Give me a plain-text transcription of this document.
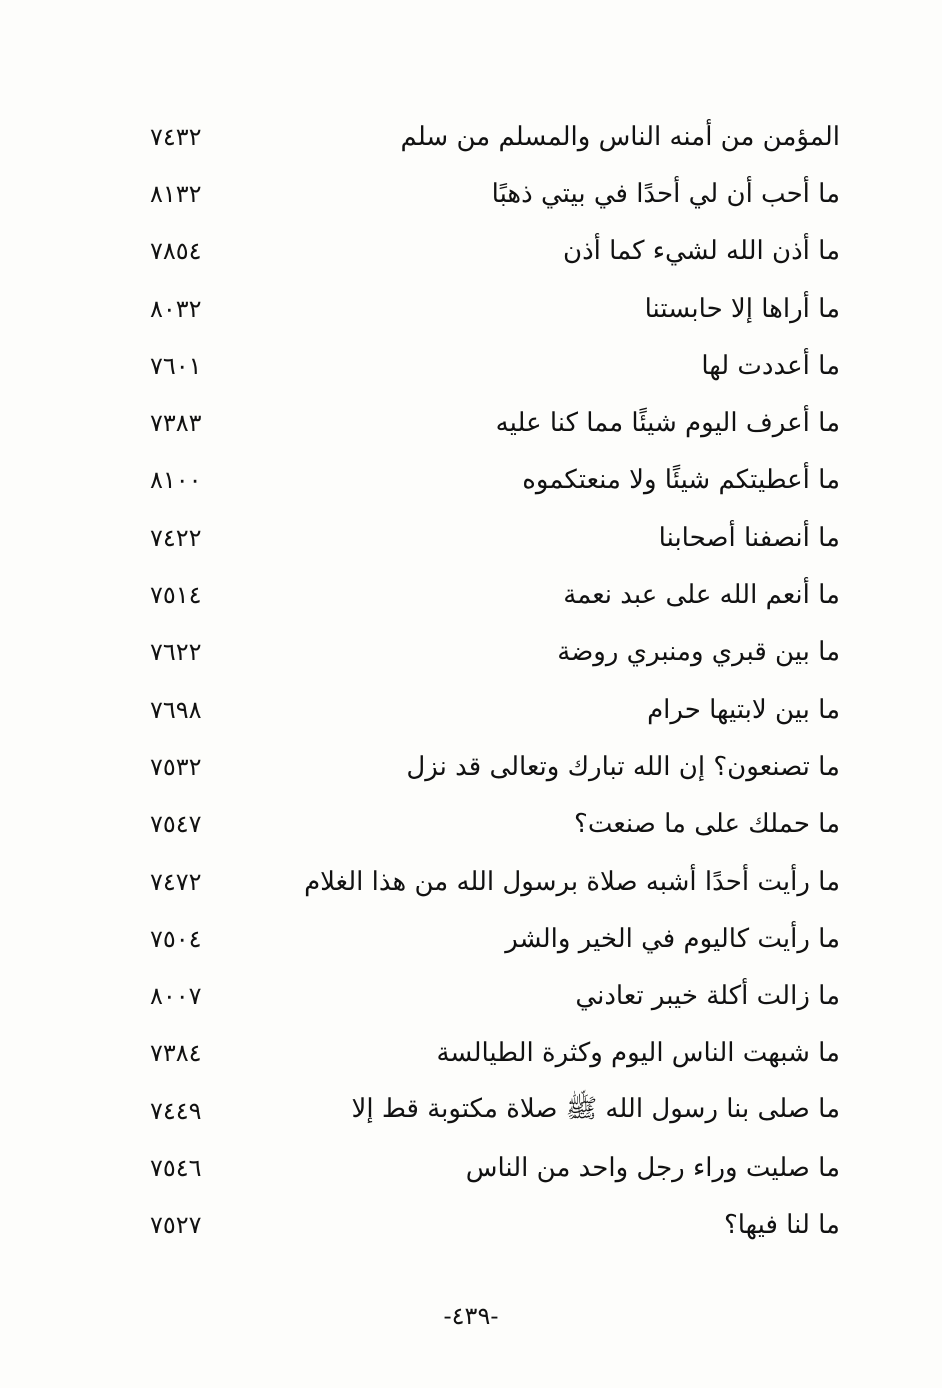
المؤمن من أمنه الناس والمسلم من سلم
٧٤٣٢
ما أحب أن لي أحدًا في بيتي ذهبًا
٨١٣٢
ما أذن الله لشيء كما أذن
٧٨٥٤
ما أراها إلا حابستنا
٨٠٣٢
ما أعددت لها
٧٦٠١
ما أعرف اليوم شيئًا مما كنا عليه
٧٣٨٣
ما أعطيتكم شيئًا ولا منعتكموه
٨١٠٠
ما أنصفنا أصحابنا
٧٤٢٢
ما أنعم الله على عبد نعمة
٧٥١٤
ما بين قبري ومنبري روضة
٧٦٢٢
ما بين لابتيها حرام
٧٦٩٨
ما تصنعون؟ إن الله تبارك وتعالى قد نزل
٧٥٣٢
ما حملك على ما صنعت؟
٧٥٤٧
ما رأيت أحدًا أشبه صلاة برسول الله من هذا الغلام
٧٤٧٢
ما رأيت كاليوم في الخير والشر
٧٥٠٤
ما زالت أكلة خيبر تعادني
٨٠٠٧
ما شبهت الناس اليوم وكثرة الطيالسة
٧٣٨٤
ما صلى بنا رسول الله ﷺ صلاة مكتوبة قط إلا
٧٤٤٩
ما صليت وراء رجل واحد من الناس
٧٥٤٦
ما لنا فيها؟
٧٥٢٧
-٤٣٩-
